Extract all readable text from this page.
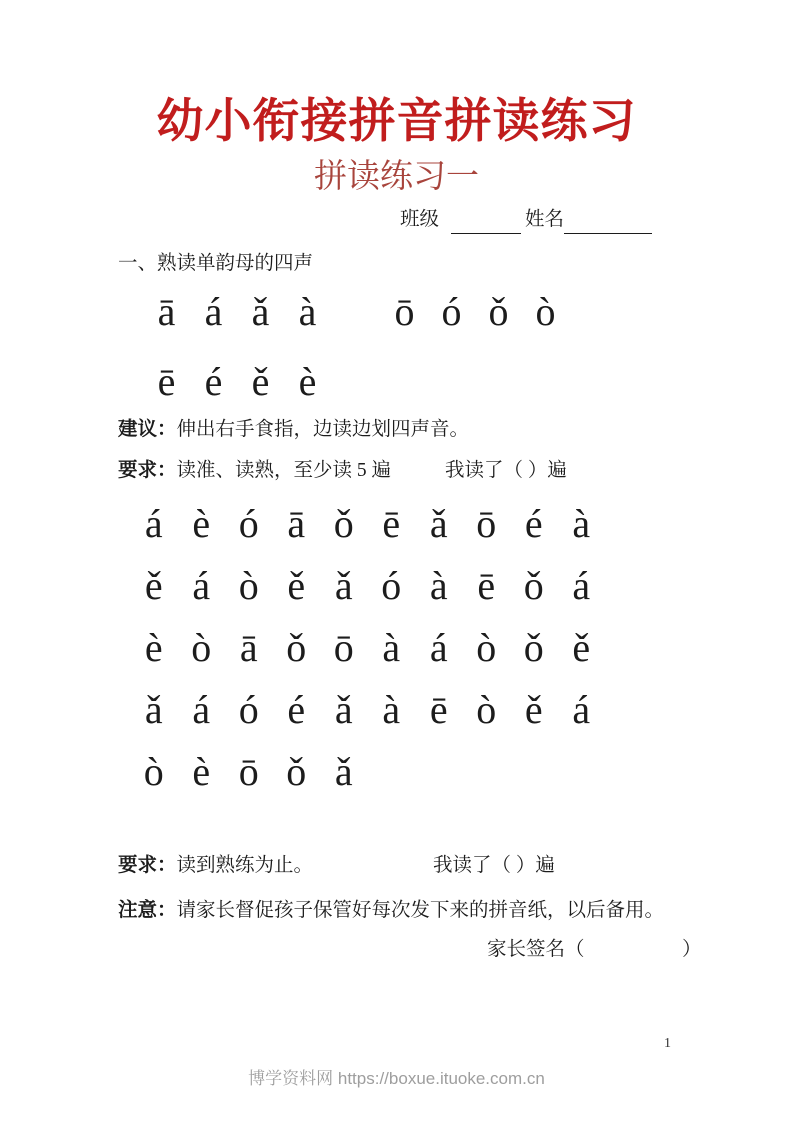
幼小衔接拼音拼读练习
拼读练习一
班级	姓名
一、熟读单韵母的四声
ā á ǎ à ō ó ǒ ò
ē é ě è
建议：伸出右手食指，边读边划四声音。
要求：读准、读熟，至少读 5 遍	我读了（ ）遍
á è ó ā ǒ ē ǎ ō é à
ě á ò ě ǎ ó à ē ǒ á
è ò ā ǒ ō à á ò ǒ ě
ǎ á ó é ǎ à ē ò ě á
ò è ō ǒ ǎ
要求：读到熟练为止。	我读了（ ）遍
注意：请家长督促孩子保管好每次发下来的拼音纸，以后备用。
家长签名（　　　　　）
1
博学资料网 https://boxue.ituoke.com.cn
